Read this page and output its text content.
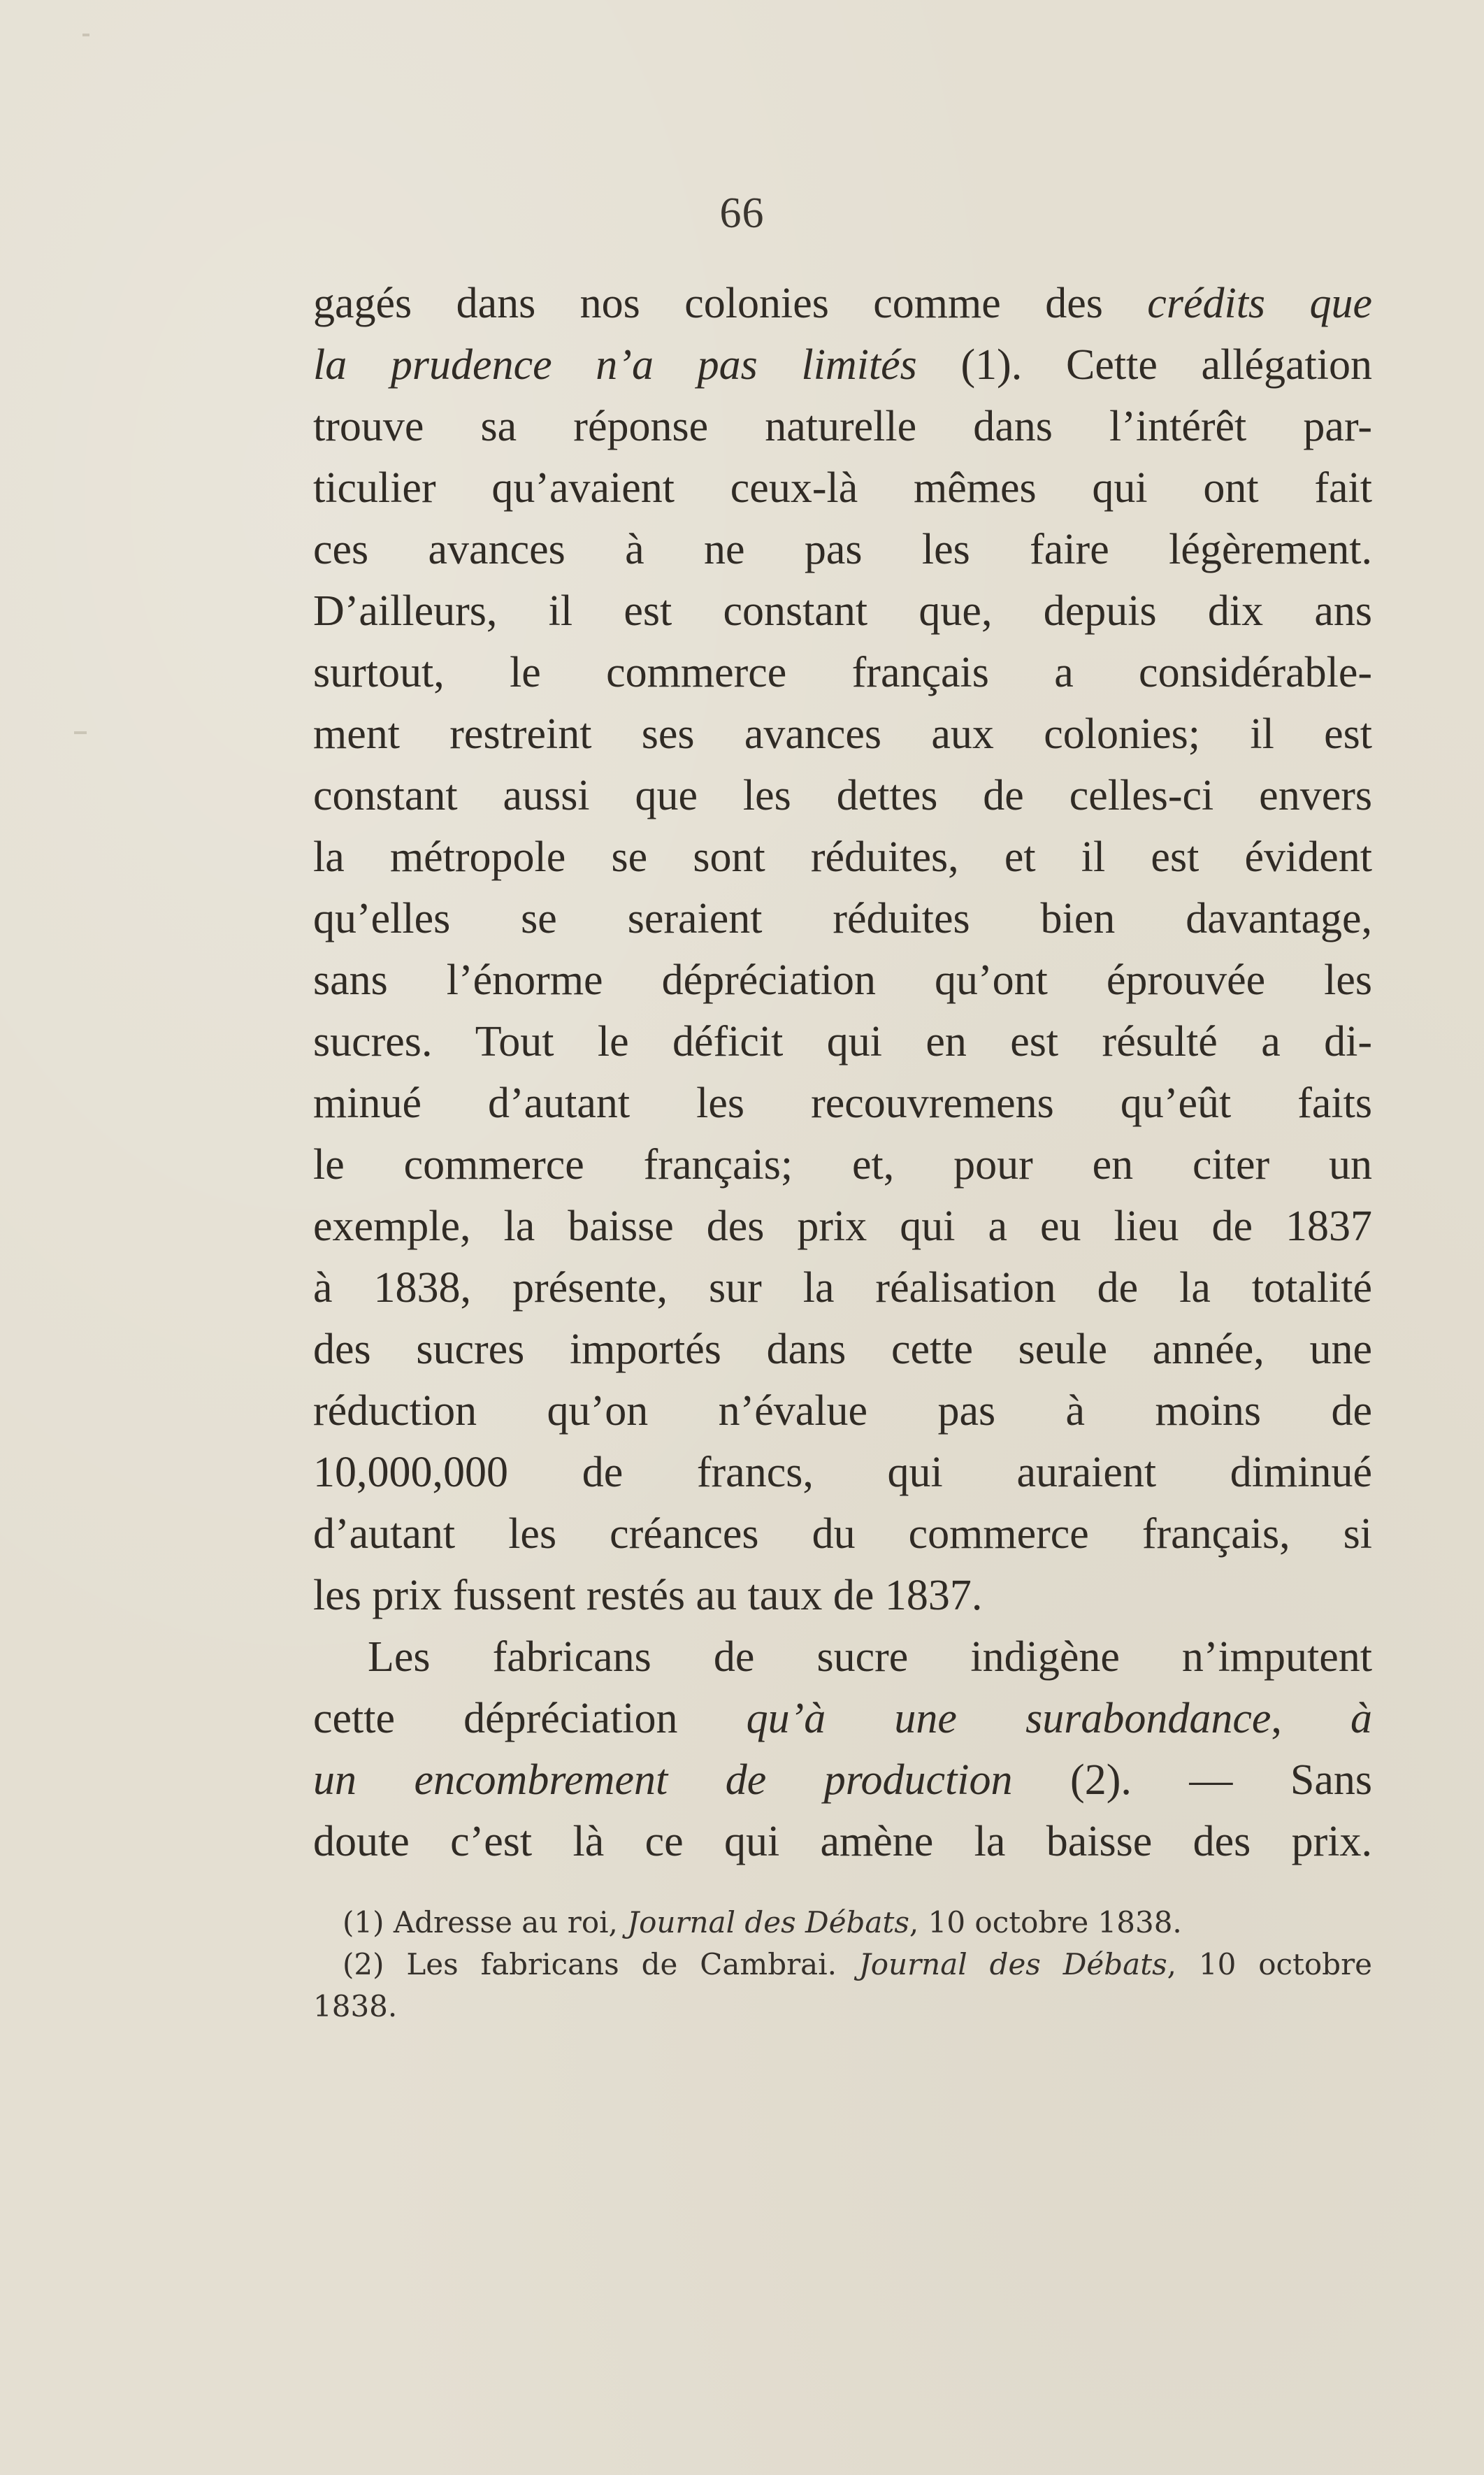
66
gagés dans nos colonies comme des crédits que
la prudence n’a pas limités (1). Cette allégation
trouve sa réponse naturelle dans l’intérêt par-
ticulier qu’avaient ceux-là mêmes qui ont fait
ces avances à ne pas les faire légèrement.
D’ailleurs, il est constant que, depuis dix ans
surtout, le commerce français a considérable-
ment restreint ses avances aux colonies; il est
constant aussi que les dettes de celles-ci envers
la métropole se sont réduites, et il est évident
qu’elles se seraient réduites bien davantage,
sans l’énorme dépréciation qu’ont éprouvée les
sucres. Tout le déficit qui en est résulté a di-
minué d’autant les recouvremens qu’eût faits
le commerce français; et, pour en citer un
exemple, la baisse des prix qui a eu lieu de 1837
à 1838, présente, sur la réalisation de la totalité
des sucres importés dans cette seule année, une
réduction qu’on n’évalue pas à moins de
10,000,000 de francs, qui auraient diminué
d’autant les créances du commerce français, si
les prix fussent restés au taux de 1837.
Les fabricans de sucre indigène n’imputent
cette dépréciation qu’à une surabondance, à
un encombrement de production (2). — Sans
doute c’est là ce qui amène la baisse des prix.
(1) Adresse au roi, Journal des Débats, 10 octobre 1838.
(2) Les fabricans de Cambrai. Journal des Débats, 10 octobre
1838.
